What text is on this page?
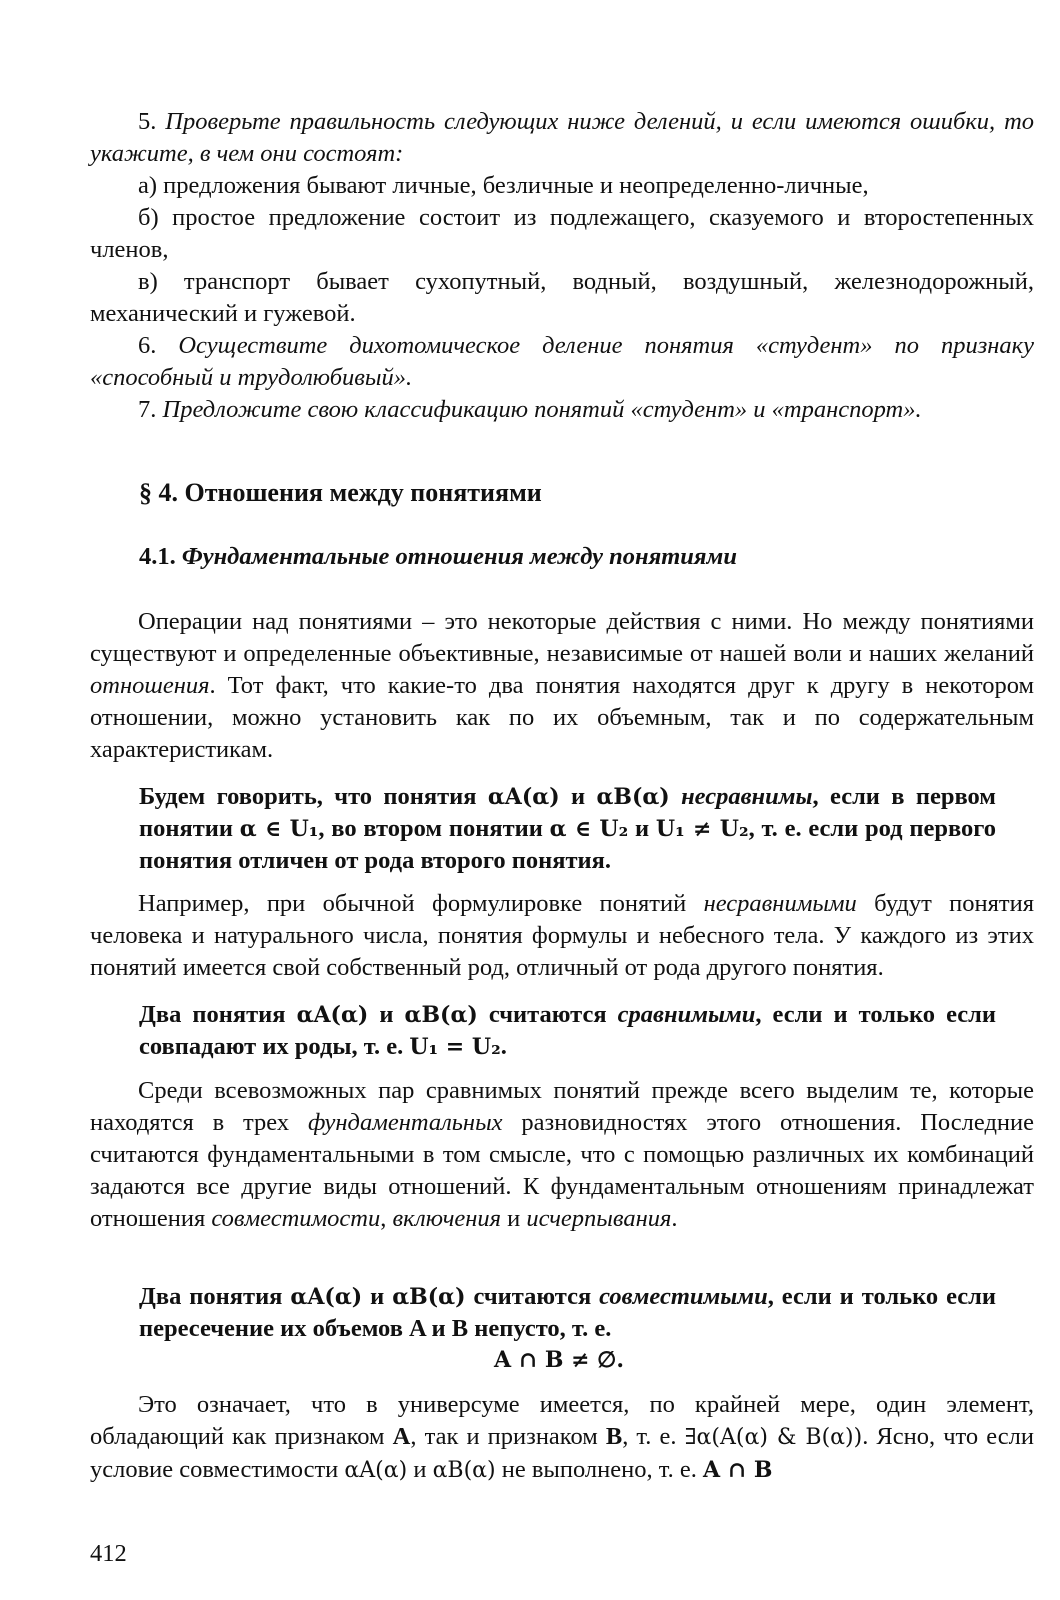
5. Проверьте правильность следующих ниже делений, и если имеются ошибки, то укажите, в чем они состоят:

а) предложения бывают личные, безличные и неопределенно-личные,

б) простое предложение состоит из подлежащего, сказуемого и второстепенных членов,

в) транспорт бывает сухопутный, водный, воздушный, железнодорожный, механический и гужевой.

6. Осуществите дихотомическое деление понятия «студент» по признаку «способный и трудолюбивый».

7. Предложите свою классификацию понятий «студент» и «транспорт».

§ 4. Отношения между понятиями
4.1. Фундаментальные отношения между понятиями

Операции над понятиями – это некоторые действия с ними. Но между понятиями существуют и определенные объективные, независимые от нашей воли и наших желаний отношения. Тот факт, что какие-то два понятия находятся друг к другу в некотором отношении, можно установить как по их объемным, так и по содержательным характеристикам.

Будем говорить, что понятия αA(α) и αB(α) несравнимы, если в первом понятии α ∈ U₁, во втором понятии α ∈ U₂ и U₁ ≠ U₂, т. е. если род первого понятия отличен от рода второго понятия.

Например, при обычной формулировке понятий несравнимыми будут понятия человека и натурального числа, понятия формулы и небесного тела. У каждого из этих понятий имеется свой собственный род, отличный от рода другого понятия.

Два понятия αA(α) и αB(α) считаются сравнимыми, если и только если совпадают их роды, т. е. U₁ = U₂.

Среди всевозможных пар сравнимых понятий прежде всего выделим те, которые находятся в трех фундаментальных разновидностях этого отношения. Последние считаются фундаментальными в том смысле, что с помощью различных их комбинаций задаются все другие виды отношений. К фундаментальным отношениям принадлежат отношения совместимости, включения и исчерпывания.

Два понятия αA(α) и αB(α) считаются совместимыми, если и только если пересечение их объемов A и B непусто, т. е.

A ∩ B ≠ ∅.

Это означает, что в универсуме имеется, по крайней мере, один элемент, обладающий как признаком A, так и признаком B, т. е. ∃α(A(α) & B(α)). Ясно, что если условие совместимости αA(α) и αB(α) не выполнено, т. е. A ∩ B

412
